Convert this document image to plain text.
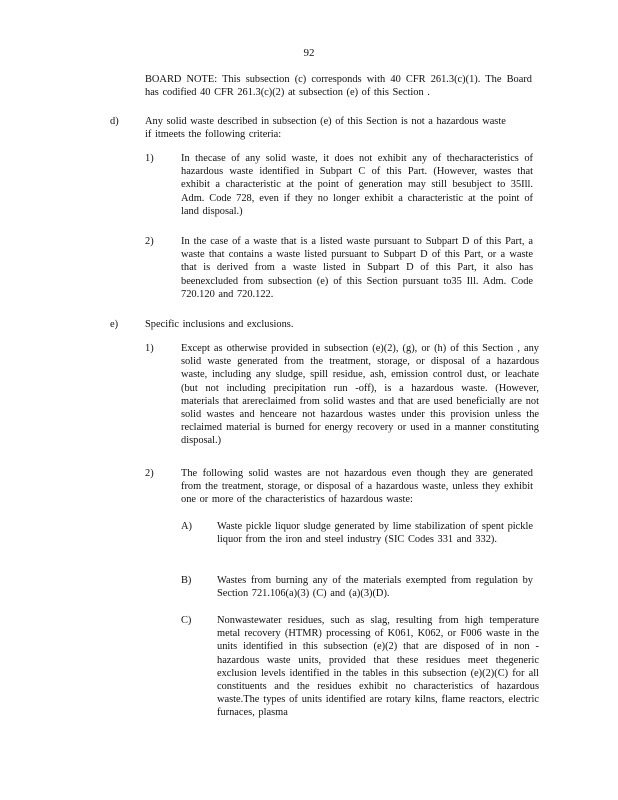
92
BOARD NOTE: This subsection (c) corresponds with 40 CFR 261.3(c)(1). The Board has codified 40 CFR 261.3(c)(2) at subsection (e) of this Section .
d)	Any solid waste described in subsection (e) of this Section is not a hazardous waste if itmeets the following criteria:
1)	In thecase of any solid waste, it does not exhibit any of thecharacteristics of hazardous waste identified in Subpart C of this Part. (However, wastes that exhibit a characteristic at the point of generation may still besubject to 35Ill. Adm. Code 728, even if they no longer exhibit a characteristic at the point of land disposal.)
2)	In the case of a waste that is a listed waste pursuant to Subpart D of this Part, a waste that contains a waste listed pursuant to Subpart D of this Part, or a waste that is derived from a waste listed in Subpart D of this Part, it also has beenexcluded from subsection (e) of this Section pursuant to35 Ill. Adm. Code 720.120 and 720.122.
e)	Specific inclusions and exclusions.
1)	Except as otherwise provided in subsection (e)(2), (g), or (h) of this Section , any solid waste generated from the treatment, storage, or disposal of a hazardous waste, including any sludge, spill residue, ash, emission control dust, or leachate (but not including precipitation run -off), is a hazardous waste. (However, materials that arereclaimed from solid wastes and that are used beneficially are not solid wastes and henceare not hazardous wastes under this provision unless the reclaimed material is burned for energy recovery or used in a manner constituting disposal.)
2)	The following solid wastes are not hazardous even though they are generated from the treatment, storage, or disposal of a hazardous waste, unless they exhibit one or more of the characteristics of hazardous waste:
A) Waste pickle liquor sludge generated by lime stabilization of spent pickle liquor from the iron and steel industry (SIC Codes 331 and 332).
B) Wastes from burning any of the materials exempted from regulation by Section 721.106(a)(3) (C) and (a)(3)(D).
C) Nonwastewater residues, such as slag, resulting from high temperature metal recovery (HTMR) processing of K061, K062, or F006 waste in the units identified in this subsection (e)(2) that are disposed of in non -hazardous waste units, provided that these residues meet thegeneric exclusion levels identified in the tables in this subsection (e)(2)(C) for all constituents and the residues exhibit no characteristics of hazardous waste.The types of units identified are rotary kilns, flame reactors, electric furnaces, plasma
